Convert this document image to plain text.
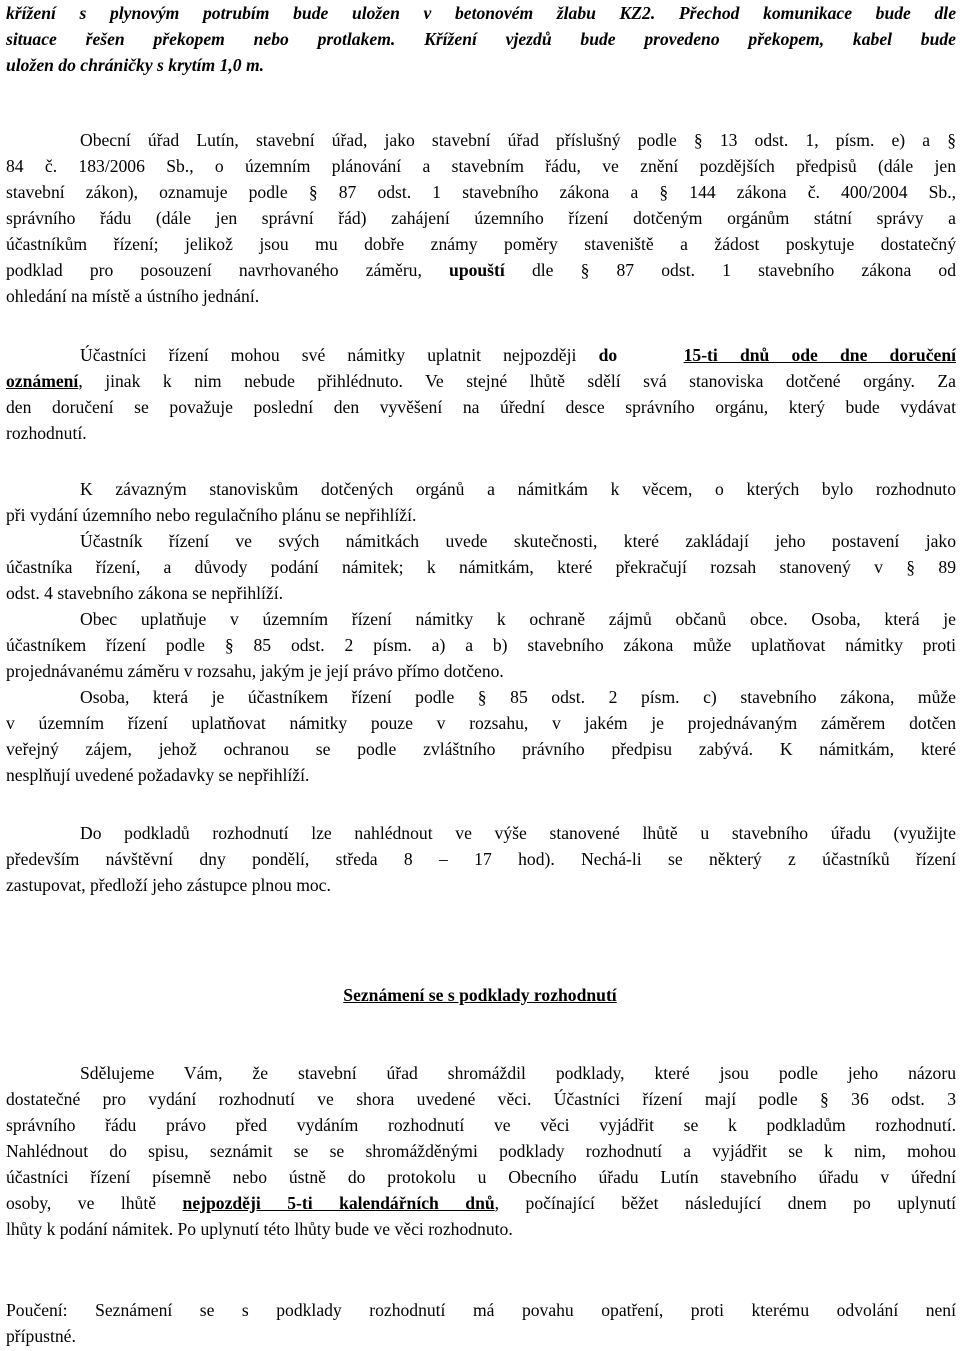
křížení s plynovým potrubím bude uložen v betonovém žlabu KZ2. Přechod komunikace bude dle
situace řešen překopem nebo protlakem. Křížení vjezdů bude provedeno překopem, kabel bude
uložen do chráničky s krytím 1,0 m.
Obecní úřad Lutín, stavební úřad, jako stavební úřad příslušný podle § 13 odst. 1, písm. e) a §
84 č. 183/2006 Sb., o územním plánování a stavebním řádu, ve znění pozdějších předpisů (dále jen
stavební zákon), oznamuje podle § 87 odst. 1 stavebního zákona a § 144 zákona č. 400/2004 Sb.,
správního řádu (dále jen správní řád) zahájení územního řízení dotčeným orgánům státní správy a
účastníkům řízení; jelikož jsou mu dobře známy poměry staveniště a žádost poskytuje dostatečný
podklad pro posouzení navrhovaného záměru, upouští dle § 87 odst. 1 stavebního zákona od
ohledání na místě a ústního jednání.
Účastníci řízení mohou své námitky uplatnit nejpozději do	15-ti dnů ode dne doručení
oznámení, jinak k nim nebude přihlédnuto. Ve stejné lhůtě sdělí svá stanoviska dotčené orgány. Za
den doručení se považuje poslední den vyvěšení na úřední desce správního orgánu, který bude vydávat
rozhodnutí.
K závazným stanoviskům dotčených orgánů a námitkám k věcem, o kterých bylo rozhodnuto
při vydání územního nebo regulačního plánu se nepřihlíží.
Účastník řízení ve svých námitkách uvede skutečnosti, které zakládají jeho postavení jako
účastníka řízení, a důvody podání námitek; k námitkám, které překračují rozsah stanovený v § 89
odst. 4 stavebního zákona se nepřihlíží.
Obec uplatňuje v územním řízení námitky k ochraně zájmů občanů obce. Osoba, která je
účastníkem řízení podle § 85 odst. 2 písm. a) a b) stavebního zákona může uplatňovat námitky proti
projednávanému záměru v rozsahu, jakým je její právo přímo dotčeno.
Osoba, která je účastníkem řízení podle § 85 odst. 2 písm. c) stavebního zákona, může
v územním řízení uplatňovat námitky pouze v rozsahu, v jakém je projednávaným záměrem dotčen
veřejný zájem, jehož ochranou se podle zvláštního právního předpisu zabývá. K námitkám, které
nesplňují uvedené požadavky se nepřihlíží.
Do podkladů rozhodnutí lze nahlédnout ve výše stanovené lhůtě u stavebního úřadu (využijte
především návštěvní dny pondělí, středa 8 – 17 hod). Nechá-li se některý z účastníků řízení
zastupovat, předloží jeho zástupce plnou moc.
Seznámení se s podklady rozhodnutí
Sdělujeme Vám, že stavební úřad shromáždil podklady, které jsou podle jeho názoru
dostatečné pro vydání rozhodnutí ve shora uvedené věci. Účastníci řízení mají podle § 36 odst. 3
správního řádu právo před vydáním rozhodnutí ve věci vyjádřit se k podkladům rozhodnutí.
Nahlédnout do spisu, seznámit se se shromážděnými podklady rozhodnutí a vyjádřit se k nim, mohou
účastníci řízení písemně nebo ústně do protokolu u Obecního úřadu Lutín stavebního úřadu v úřední
osoby, ve lhůtě nejpozději 5-ti kalendářních dnů, počínající běžet následující dnem po uplynutí
lhůty k podání námitek. Po uplynutí této lhůty bude ve věci rozhodnuto.
Poučení: Seznámení se s podklady rozhodnutí má povahu opatření, proti kterému odvolání není
přípustné.
